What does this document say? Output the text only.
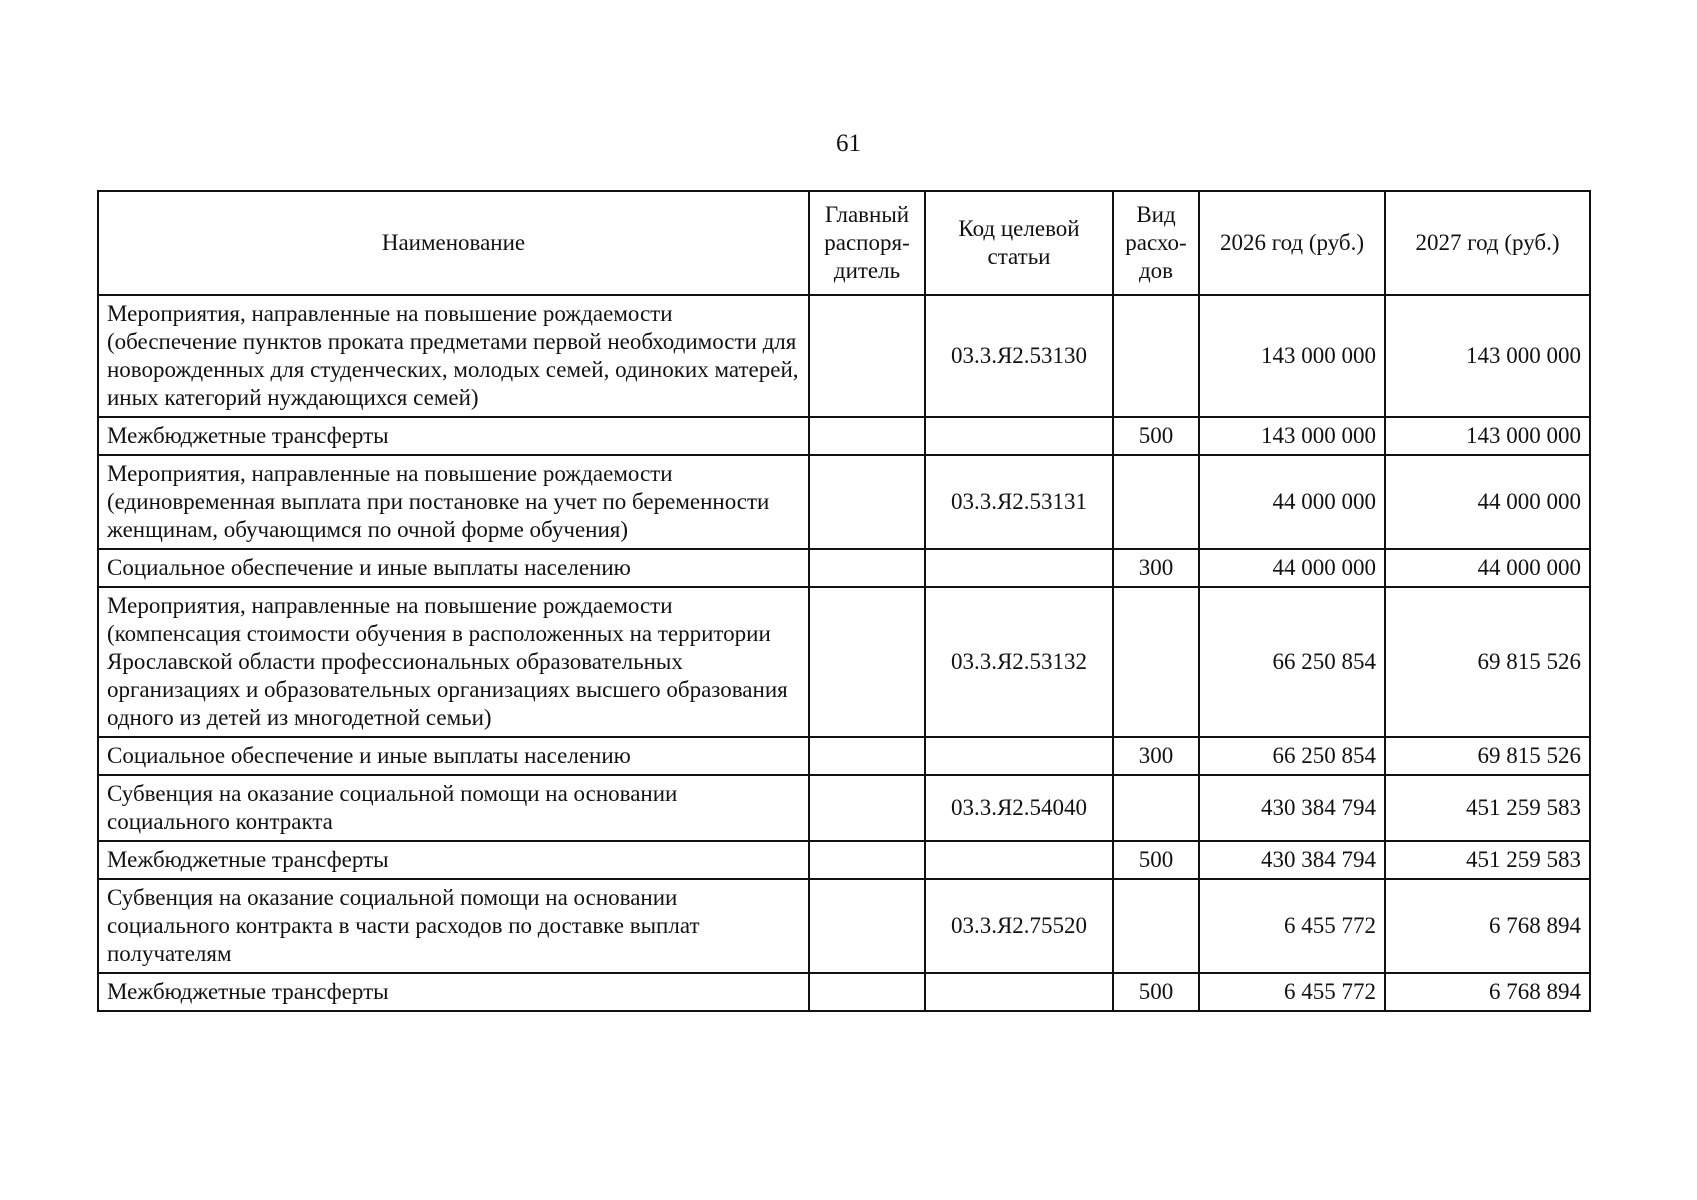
61
Наименование	Главный распоря- дитель	Код целевой статьи	Вид расхо- дов	2026 год (руб.)	2027 год (руб.)
Мероприятия, направленные на повышение рождаемости (обеспечение пунктов проката предметами первой необходимости для новорожденных для студенческих, молодых семей, одиноких матерей, иных категорий нуждающихся семей)		03.3.Я2.53130		143 000 000	143 000 000
Межбюджетные трансферты			500	143 000 000	143 000 000
Мероприятия, направленные на повышение рождаемости (единовременная выплата при постановке на учет по беременности женщинам, обучающимся по очной форме обучения)		03.3.Я2.53131		44 000 000	44 000 000
Социальное обеспечение и иные выплаты населению			300	44 000 000	44 000 000
Мероприятия, направленные на повышение рождаемости (компенсация стоимости обучения в расположенных на территории Ярославской области профессиональных образовательных организациях и образовательных организациях высшего образования одного из детей из многодетной семьи)		03.3.Я2.53132		66 250 854	69 815 526
Социальное обеспечение и иные выплаты населению			300	66 250 854	69 815 526
Субвенция на оказание социальной помощи на основании социального контракта		03.3.Я2.54040		430 384 794	451 259 583
Межбюджетные трансферты			500	430 384 794	451 259 583
Субвенция на оказание социальной помощи на основании социального контракта в части расходов по доставке выплат получателям		03.3.Я2.75520		6 455 772	6 768 894
Межбюджетные трансферты			500	6 455 772	6 768 894
